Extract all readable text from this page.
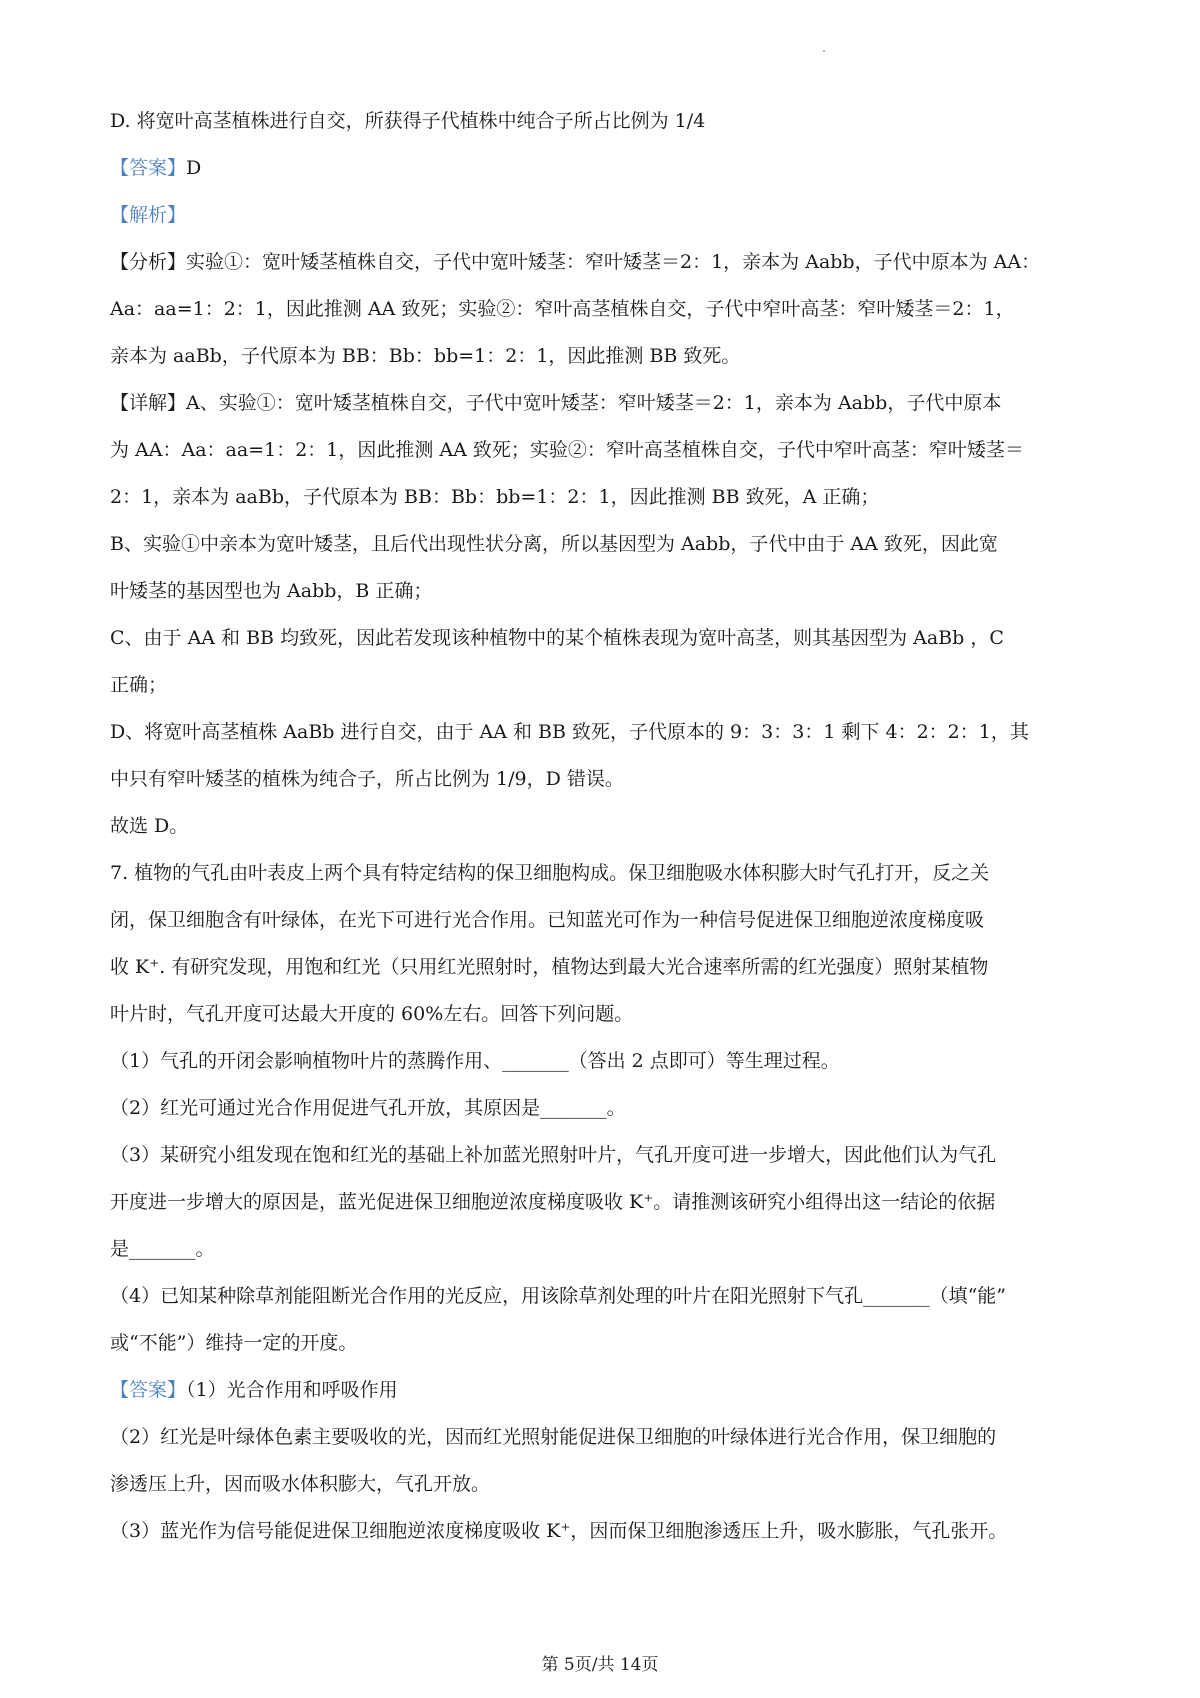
D. 将宽叶高茎植株进行自交，所获得子代植株中纯合子所占比例为 1/4
【答案】D
【解析】
【分析】实验①：宽叶矮茎植株自交，子代中宽叶矮茎：窄叶矮茎＝2：1，亲本为 Aabb，子代中原本为 AA：
Aa：aa=1：2：1，因此推测 AA 致死；实验②：窄叶高茎植株自交，子代中窄叶高茎：窄叶矮茎＝2：1，
亲本为 aaBb，子代原本为 BB：Bb：bb=1：2：1，因此推测 BB 致死。
【详解】A、实验①：宽叶矮茎植株自交，子代中宽叶矮茎：窄叶矮茎＝2：1，亲本为 Aabb，子代中原本
为 AA：Aa：aa=1：2：1，因此推测 AA 致死；实验②：窄叶高茎植株自交，子代中窄叶高茎：窄叶矮茎＝
2：1，亲本为 aaBb，子代原本为 BB：Bb：bb=1：2：1，因此推测 BB 致死，A 正确；
B、实验①中亲本为宽叶矮茎，且后代出现性状分离，所以基因型为 Aabb，子代中由于 AA 致死，因此宽
叶矮茎的基因型也为 Aabb，B 正确；
C、由于 AA 和 BB 均致死，因此若发现该种植物中的某个植株表现为宽叶高茎，则其基因型为 AaBb ，C
正确；
D、将宽叶高茎植株 AaBb 进行自交，由于 AA 和 BB 致死，子代原本的 9：3：3：1 剩下 4：2：2：1，其
中只有窄叶矮茎的植株为纯合子，所占比例为 1/9，D 错误。
故选 D。
7. 植物的气孔由叶表皮上两个具有特定结构的保卫细胞构成。保卫细胞吸水体积膨大时气孔打开，反之关
闭，保卫细胞含有叶绿体，在光下可进行光合作用。已知蓝光可作为一种信号促进保卫细胞逆浓度梯度吸
收 K⁺. 有研究发现，用饱和红光（只用红光照射时，植物达到最大光合速率所需的红光强度）照射某植物
叶片时，气孔开度可达最大开度的 60%左右。回答下列问题。
（1）气孔的开闭会影响植物叶片的蒸腾作用、_______（答出 2 点即可）等生理过程。
（2）红光可通过光合作用促进气孔开放，其原因是_______。
（3）某研究小组发现在饱和红光的基础上补加蓝光照射叶片，气孔开度可进一步增大，因此他们认为气孔
开度进一步增大的原因是，蓝光促进保卫细胞逆浓度梯度吸收 K⁺。请推测该研究小组得出这一结论的依据
是_______。
（4）已知某种除草剂能阻断光合作用的光反应，用该除草剂处理的叶片在阳光照射下气孔_______（填“能”
或“不能”）维持一定的开度。
【答案】（1）光合作用和呼吸作用
（2）红光是叶绿体色素主要吸收的光，因而红光照射能促进保卫细胞的叶绿体进行光合作用，保卫细胞的
渗透压上升，因而吸水体积膨大，气孔开放。
（3）蓝光作为信号能促进保卫细胞逆浓度梯度吸收 K⁺，因而保卫细胞渗透压上升，吸水膨胀，气孔张开。
第 5页/共 14页
